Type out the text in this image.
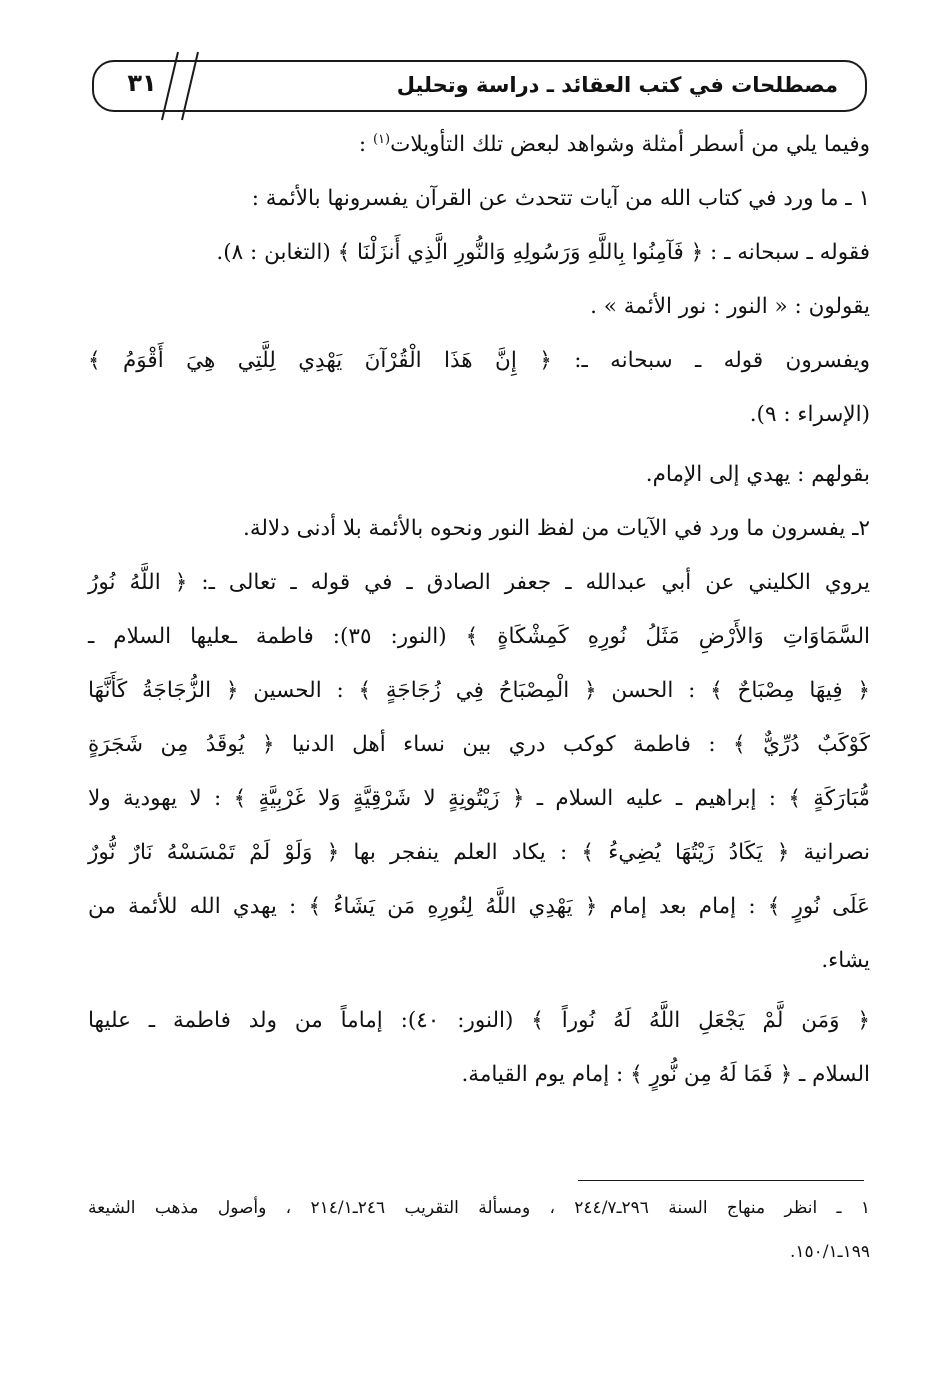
مصطلحات في كتب العقائد ـ دراسة وتحليل
٣١
وفيما يلي من أسطر أمثلة وشواهد لبعض تلك التأويلات$^{(١)}$ :
١ ـ ما ورد في كتاب الله من آيات تتحدث عن القرآن يفسرونها بالأئمة :
فقوله ـ سبحانه ـ : ﴿ فَآمِنُوا بِاللَّهِ وَرَسُولِهِ وَالنُّورِ الَّذِي أَنزَلْنَا ﴾ (التغابن : ٨).
يقولون : « النور : نور الأئمة » .
ويفسرون قوله ـ سبحانه ـ: ﴿ إِنَّ هَذَا الْقُرْآنَ يَهْدِي لِلَّتِي هِيَ أَقْوَمُ ﴾
(الإسراء : ٩).
بقولهم : يهدي إلى الإمام.
٢ـ يفسرون ما ورد في الآيات من لفظ النور ونحوه بالأئمة بلا أدنى دلالة.
يروي الكليني عن أبي عبدالله ـ جعفر الصادق ـ في قوله ـ تعالى ـ: ﴿ اللَّهُ نُورُ
السَّمَاوَاتِ وَالأَرْضِ مَثَلُ نُورِهِ كَمِشْكَاةٍ ﴾ (النور: ٣٥): فاطمة ـعليها السلام ـ
﴿ فِيهَا مِصْبَاحٌ ﴾ : الحسن ﴿ الْمِصْبَاحُ فِي زُجَاجَةٍ ﴾ : الحسين ﴿ الزُّجَاجَةُ كَأَنَّهَا
كَوْكَبٌ دُرِّيٌّ ﴾ : فاطمة كوكب دري بين نساء أهل الدنيا ﴿ يُوقَدُ مِن شَجَرَةٍ
مُّبَارَكَةٍ ﴾ : إبراهيم ـ عليه السلام ـ ﴿ زَيْتُونِةٍ لا شَرْقِيَّةٍ وَلا غَرْبِيَّةٍ ﴾ : لا يهودية ولا
نصرانية ﴿ يَكَادُ زَيْتُهَا يُضِيءُ ﴾ : يكاد العلم ينفجر بها ﴿ وَلَوْ لَمْ تَمْسَسْهُ نَارٌ نُّورٌ
عَلَى نُورٍ ﴾ : إمام بعد إمام ﴿ يَهْدِي اللَّهُ لِنُورِهِ مَن يَشَاءُ ﴾ : يهدي الله للأئمة من
يشاء.
﴿ وَمَن لَّمْ يَجْعَلِ اللَّهُ لَهُ نُوراً ﴾ (النور: ٤٠): إماماً من ولد فاطمة ـ عليها
السلام ـ ﴿ فَمَا لَهُ مِن نُّورٍ ﴾ : إمام يوم القيامة.
١ ـ انظر منهاج السنة ٢٩٦ـ٢٤٤/٧ ، ومسألة التقريب ٢٤٦ـ٢١٤/١ ، وأصول مذهب الشيعة
١٩٩ـ١٥٠/١.
